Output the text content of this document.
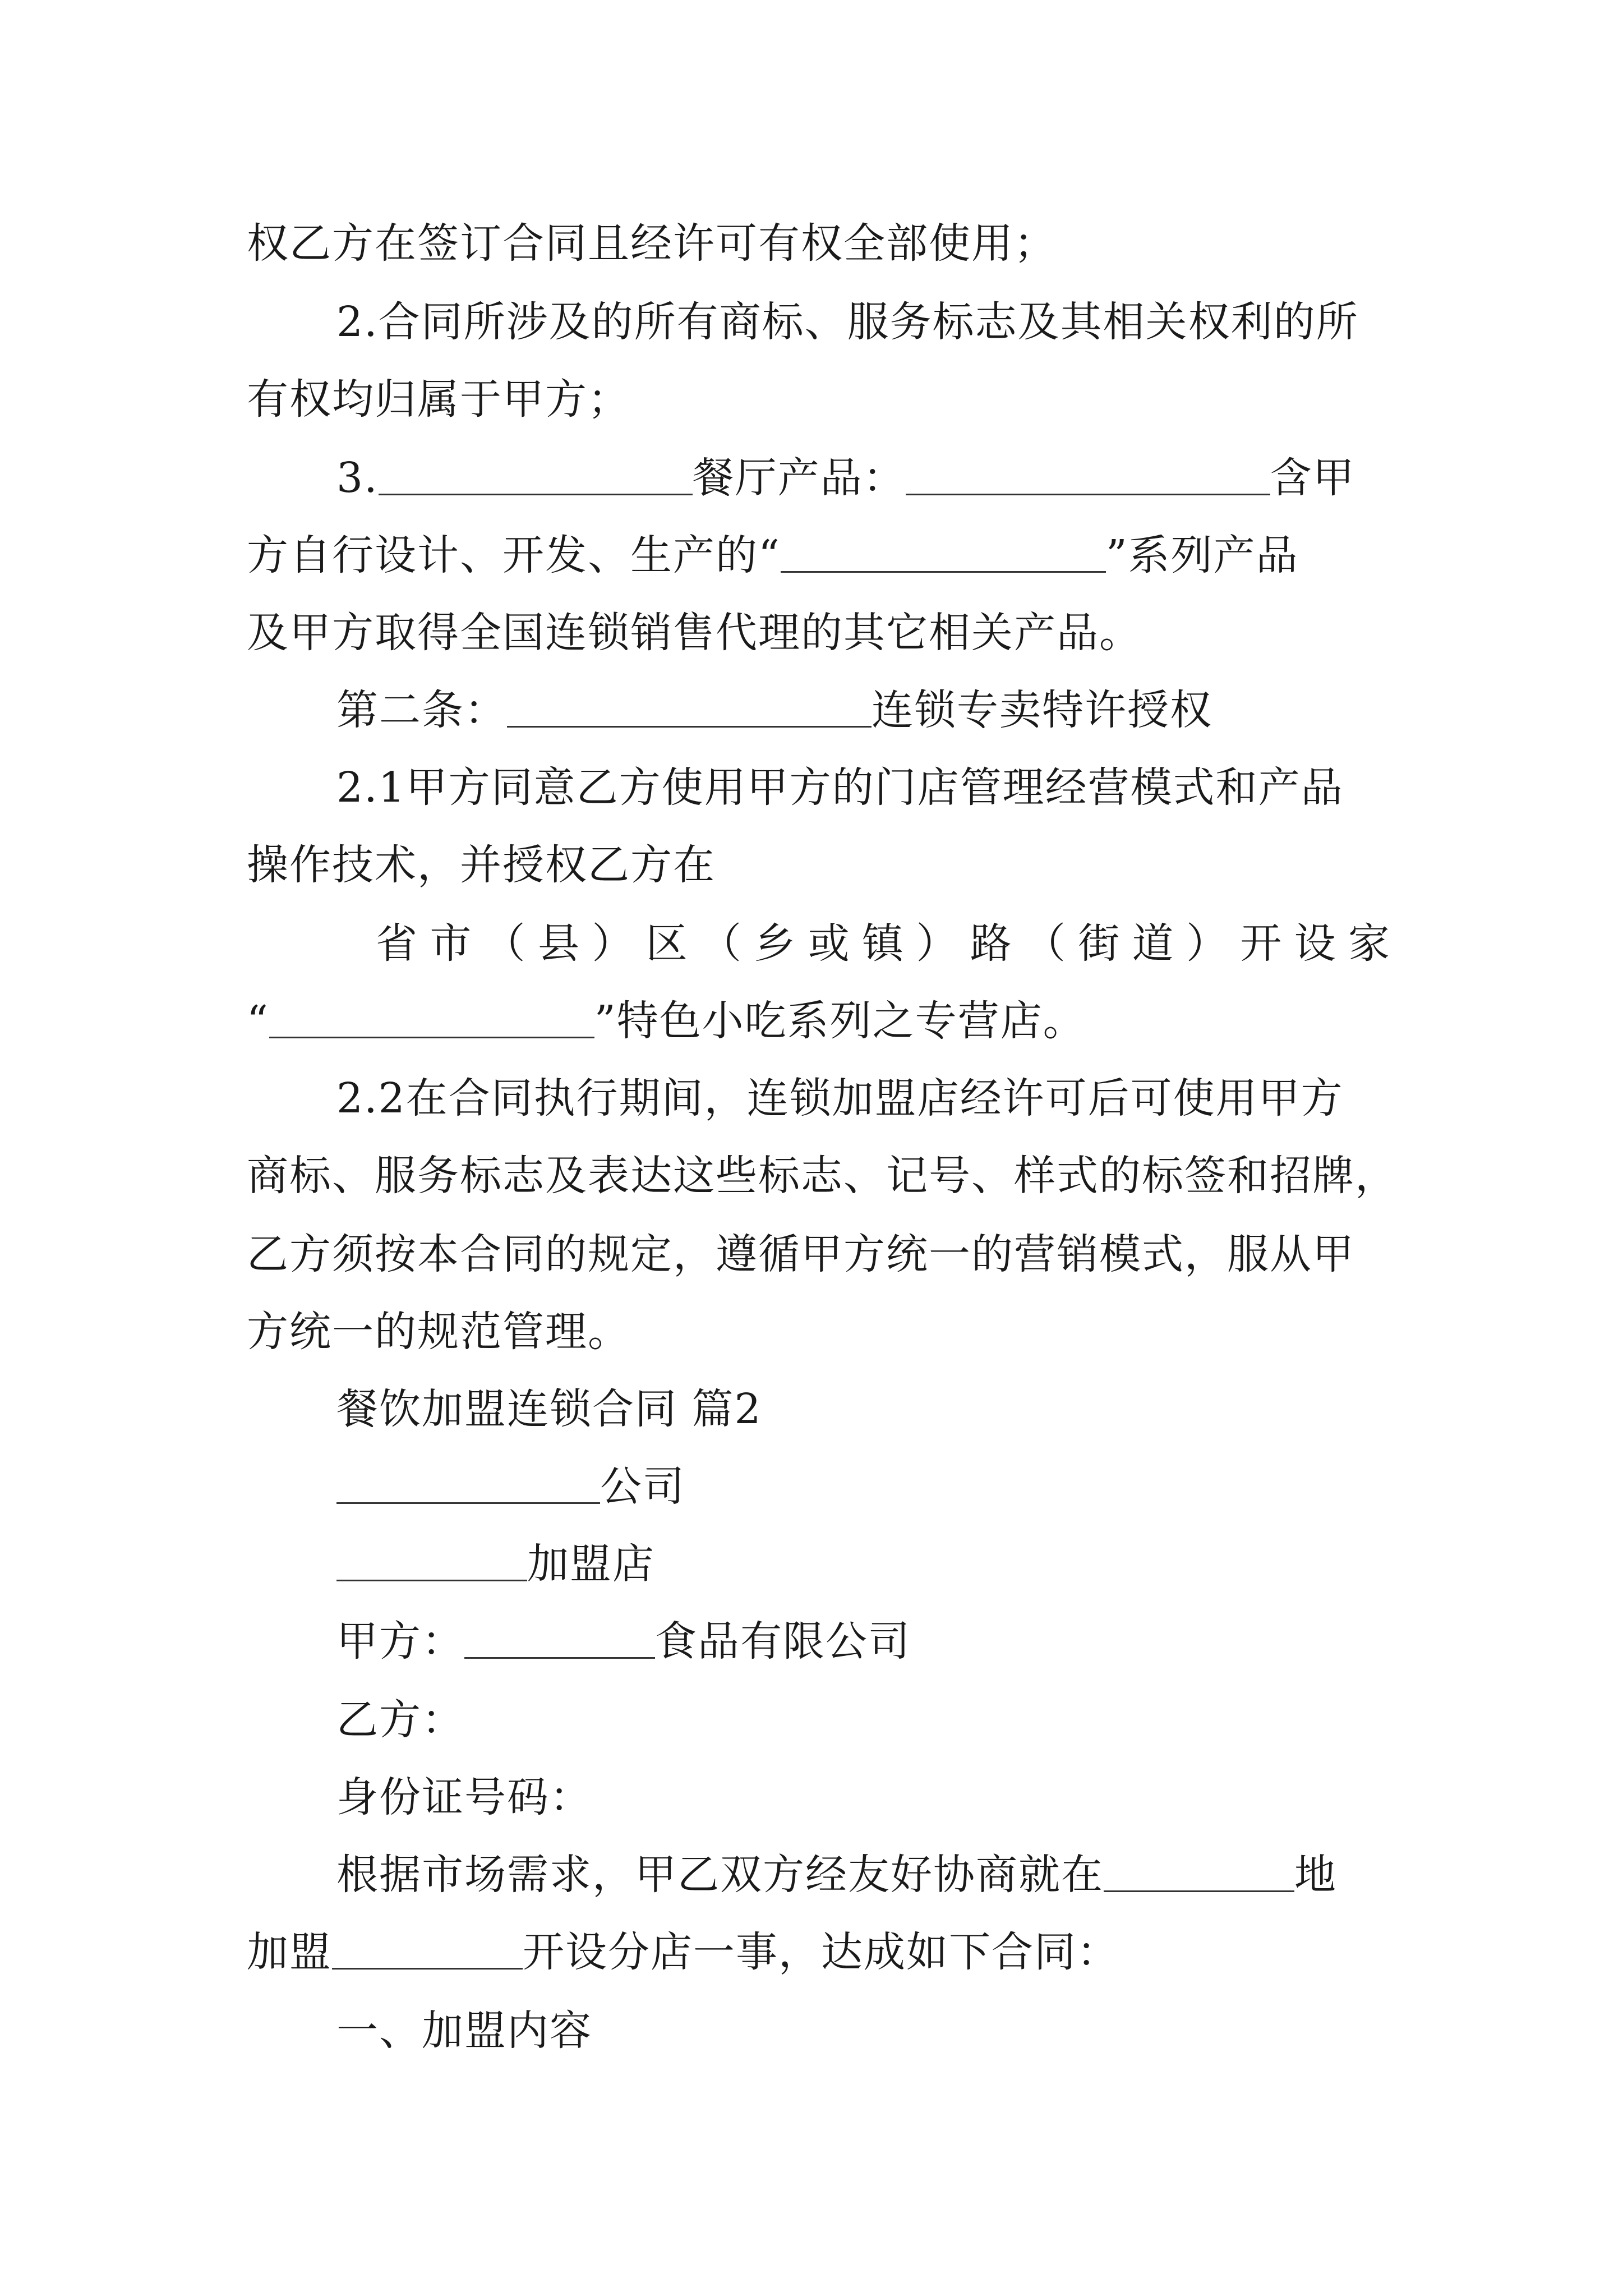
权乙方在签订合同且经许可有权全部使用；
2.合同所涉及的所有商标、服务标志及其相关权利的所
有权均归属于甲方；
3.	餐厅产品：	含甲
方自行设计、开发、生产的“	”系列产品
及甲方取得全国连锁销售代理的其它相关产品。
第二条：	连锁专卖特许授权
2.1甲方同意乙方使用甲方的门店管理经营模式和产品
操作技术，并授权乙方在
省市（县）区（乡或镇）路（街道）开设家
“	”特色小吃系列之专营店。
2.2在合同执行期间，连锁加盟店经许可后可使用甲方
商标、服务标志及表达这些标志、记号、样式的标签和招牌，
乙方须按本合同的规定，遵循甲方统一的营销模式，服从甲
方统一的规范管理。
餐饮加盟连锁合同 篇2
公司
加盟店
甲方：	食品有限公司
乙方：
身份证号码：
根据市场需求，甲乙双方经友好协商就在	地
加盟	开设分店一事，达成如下合同：
一、加盟内容
